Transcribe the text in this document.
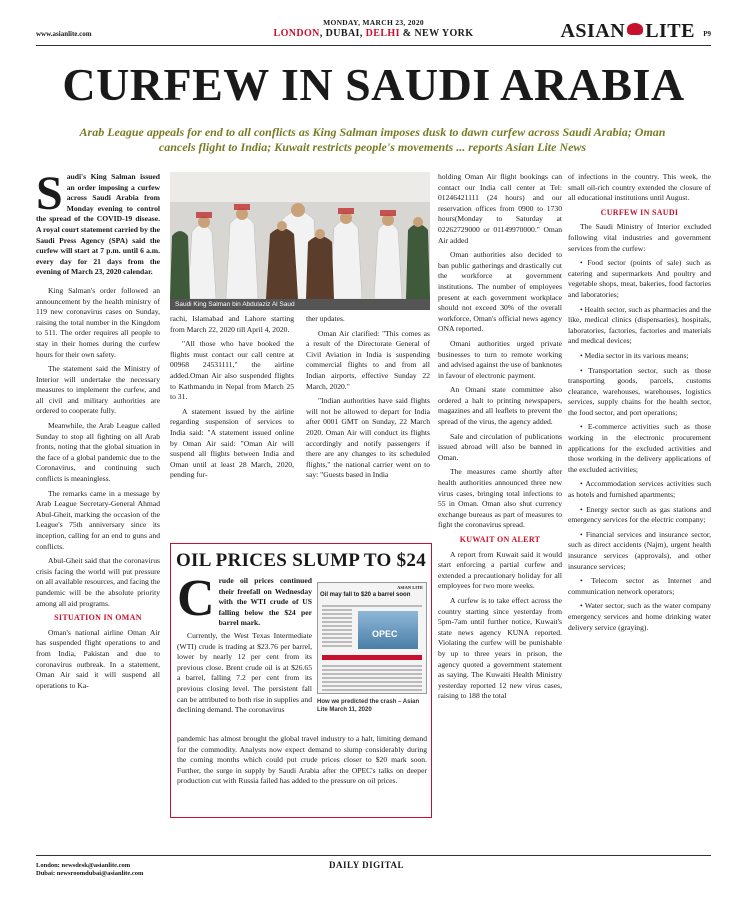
www.asianlite.com
MONDAY, MARCH 23, 2020
LONDON, DUBAI, DELHI & NEW YORK	ASIAN LITE P9
CURFEW IN SAUDI ARABIA
Arab League appeals for end to all conflicts as King Salman imposes dusk to dawn curfew across Saudi Arabia; Oman cancels flight to India; Kuwait restricts people's movements ... reports Asian Lite News
S audi's King Salman issued an order imposing a curfew across Saudi Arabia from Monday evening to control the spread of the COVID-19 disease. A royal court statement carried by the Saudi Press Agency (SPA) said the curfew will start at 7 p.m. until 6 a.m. every day for 21 days from the evening of March 23, 2020 calendar.

King Salman's order followed an announcement by the health ministry of 119 new coronavirus cases on Sunday, raising the total number in the Kingdom to 511. The order requires all people to stay in their homes during the curfew hours for their own safety.

The statement said the Ministry of Interior will undertake the necessary measures to implement the curfew, and all civil and military authorities are ordered to cooperate fully.

Meanwhile, the Arab League called Sunday to stop all fighting on all Arab fronts, noting that the global situation in the face of a global pandemic due to the Coronavirus, and continuing such conflicts is meaningless.

The remarks came in a message by Arab League Secretary-General Ahmad Abul-Gheit, marking the occasion of the League's 75th anniversary since its inception, calling for an end to guns and conflicts.

Abul-Gheit said that the coronavirus crisis facing the world will put pressure on all available resources, and facing the pandemic will be the absolute priority among all aid programs.

SITUATION IN OMAN

Oman's national airline Oman Air has suspended flight operations to and from India, Pakistan and due to coronavirus outbreak. In a statement, Oman Air said it will suspend all operations to Ka-

Saudi King Salman bin Abdulaziz Al Saud

rachi, Islamabad and Lahore starting from March 22, 2020 till April 4, 2020.

"All those who have booked the flights must contact our call centre at 00968 24531111," the airline added.Oman Air also suspended flights to Kathmandu in Nepal from March 25 to 31.

A statement issued by the airline regarding suspension of services to India said: "A statement issued online by Oman Air said: "Oman Air will suspend all flights between India and Oman until at least 28 March, 2020, pending fur-

ther updates.

Oman Air clarified: "This comes as a result of the Directorate General of Civil Aviation in India is suspending commercial flights to and from all Indian airports, effective Sunday 22 March, 2020."

"Indian authorities have said flights will not be allowed to depart for India after 0001 GMT on Sunday, 22 March 2020. Oman Air will conduct its flights accordingly and notify passengers if there are any changes to its scheduled flights," the national carrier went on to say: "Guests based in India

OIL PRICES SLUMP TO $24
C rude oil prices continued their freefall on Wednesday with the WTI crude of US falling below the $24 per barrel mark.

Currently, the West Texas Intermediate (WTI) crude is trading at $23.76 per barrel, lower by nearly 12 per cent from its previous close. Brent crude oil is at $26.65 a barrel, falling 7.2 per cent from its previous closing level. The persistent fall can be attributed to both rise in supplies and declining demand. The coronavirus

ASIAN LITE
Oil may fall to $20 a barrel soon
OPEC
How we predicted the crash – Asian Lite March 11, 2020
pandemic has almost brought the global travel industry to a halt, limiting demand for the commodity. Analysts now expect demand to slump considerably during the coming months which could put crude prices closer to $20 mark soon. Further, the surge in supply by Saudi Arabia after the OPEC's talks on deeper production cut with Russia failed has added to the pressure on oil prices.

holding Oman Air flight bookings can contact our India call center at Tel: 01246421111 (24 hours) and our reservation offices from 0900 to 1730 hours(Monday to Saturday at 02262729000 or 01149970000." Oman Air added

Oman authorities also decided to ban public gatherings and drastically cut the workforce at government institutions. The number of employees present at each government workplace should not exceed 30% of the overall workforce, Oman's official news agency ONA reported.

Omani authorities urged private businesses to turn to remote working and advised against the use of banknotes in favour of electronic payment.

An Omani state committee also ordered a halt to printing newspapers, magazines and all leaflets to prevent the spread of the virus, the agency added.

Sale and circulation of publications issued abroad will also be banned in Oman.

The measures came shortly after health authorities announced three new virus cases, bringing total infections to 55 in Oman. Oman also shut currency exchange bureaus as part of measures to fight the coronavirus spread.

KUWAIT ON ALERT

A report from Kuwait said it would start enforcing a partial curfew and extended a precautionary holiday for all employees for two more weeks.

A curfew is to take effect across the country starting since yesterday from 5pm-7am until further notice, Kuwait's state news agency KUNA reported. Violating the curfew will be punishable by up to three years in prison, the agency quoted a government statement as saying. The Kuwaiti Health Ministry yesterday reported 12 new virus cases, raising to 188 the total

of infections in the country. This week, the small oil-rich country extended the closure of all educational institutions until August.

CURFEW IN SAUDI

The Saudi Ministry of Interior excluded following vital industries and government services from the curfew:

• Food sector (points of sale) such as catering and supermarkets And poultry and vegetable shops, meat, bakeries, food factories and laboratories;

• Health sector, such as pharmacies and the like, medical clinics (dispensaries), hospitals, laboratories, factories, factories and materials and medical devices;

• Media sector in its various means;

• Transportation sector, such as those transporting goods, parcels, customs clearance, warehouses, warehouses, logistics services, supply chains for the health sector, the food sector, and port operations;

• E-commerce activities such as those working in the electronic procurement applications for the excluded activities and those working in the delivery applications of the excluded activities;

• Accommodation services activities such as hotels and furnished apartments;

• Energy sector such as gas stations and emergency services for the electric company;

• Financial services and insurance sector, such as direct accidents (Najm), urgent health insurance services (approvals), and other insurance services;

• Telecom sector as Internet and communication network operators;

• Water sector, such as the water company emergency services and home drinking water delivery service (graying).

DAILY DIGITAL
London: newsdesk@asianlite.com
Dubai: newsroomdubai@asianlite.com
